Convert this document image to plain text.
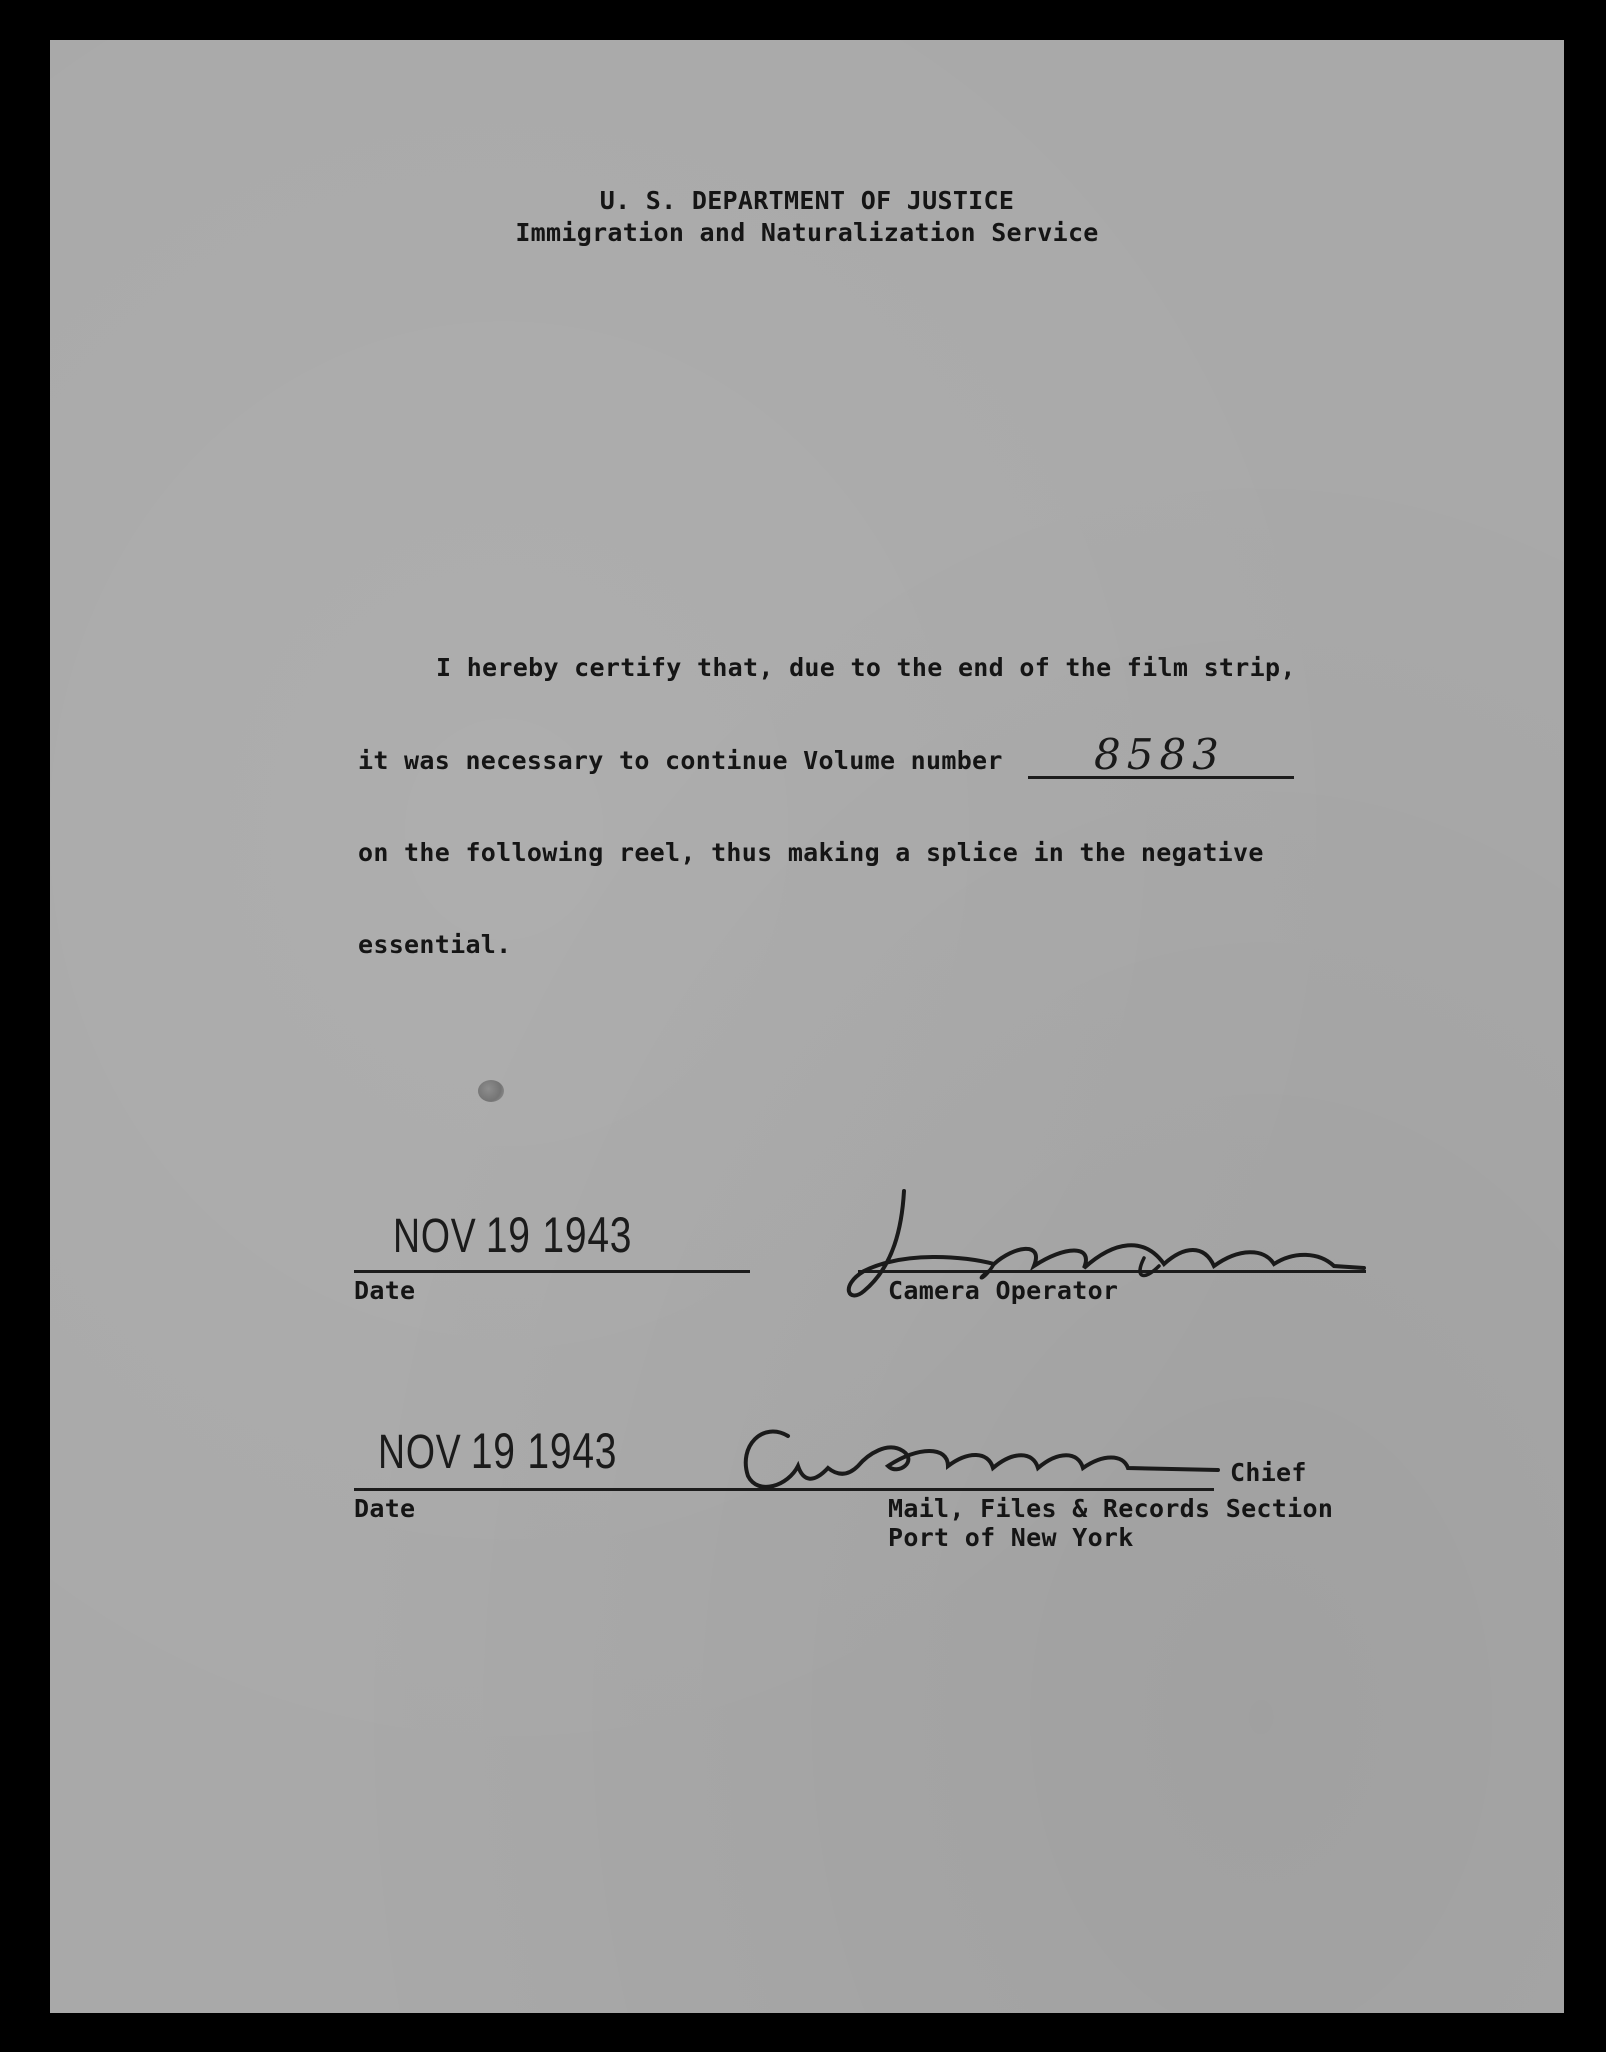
U. S. DEPARTMENT OF JUSTICE
Immigration and Naturalization Service
I hereby certify that, due to the end of the film strip,
it was necessary to continue Volume number 8583
on the following reel, thus making a splice in the negative
essential.
NOV 19 1943
Date	Camera Operator
NOV 19 1943
Date
Chief
Mail, Files & Records Section
Port of New York
